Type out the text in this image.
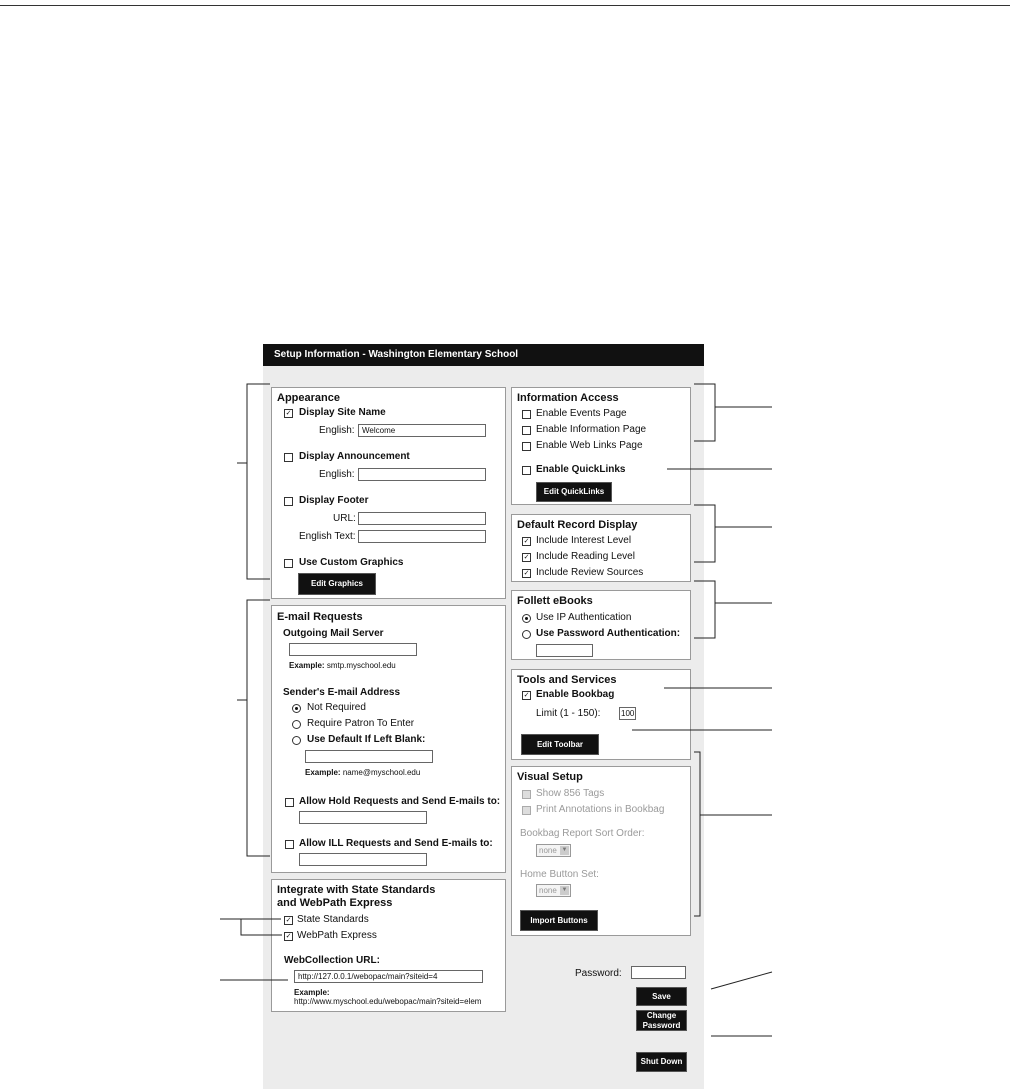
Setup Information - Washington Elementary School
Appearance
✓ Display Site Name
English: Welcome
Display Announcement
English:
Display Footer
URL:
English Text:
Use Custom Graphics
Edit Graphics
E-mail Requests
Outgoing Mail Server
Example: smtp.myschool.edu
Sender's E-mail Address
Not Required
Require Patron To Enter
Use Default If Left Blank:
Example: name@myschool.edu
Allow Hold Requests and Send E-mails to:
Allow ILL Requests and Send E-mails to:
Integrate with State Standards
and WebPath Express
✓ State Standards
✓ WebPath Express
WebCollection URL:
http://127.0.0.1/webopac/main?siteid=4
Example:
http://www.myschool.edu/webopac/main?siteid=elem
Information Access
Enable Events Page
Enable Information Page
Enable Web Links Page
Enable QuickLinks
Edit QuickLinks
Default Record Display
✓ Include Interest Level
✓ Include Reading Level
✓ Include Review Sources
Follett eBooks
Use IP Authentication
Use Password Authentication:
Tools and Services
✓ Enable Bookbag
Limit (1 - 150):	100
Edit Toolbar
Visual Setup
Show 856 Tags
Print Annotations in Bookbag
Bookbag Report Sort Order:
none ▼
Home Button Set:
none ▼
Import Buttons
Password:
Save
Change
Password
Shut Down
